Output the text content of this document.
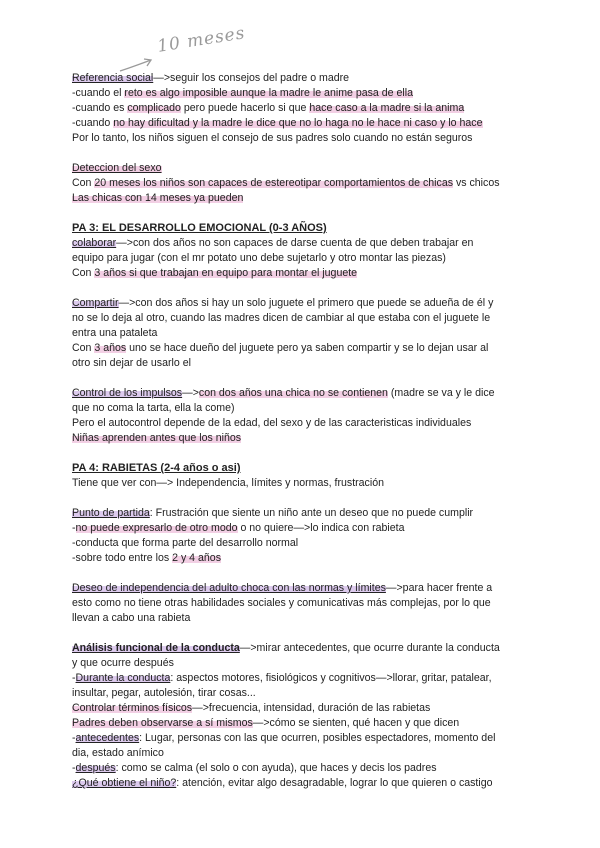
10 meses
Referencia social—>seguir los consejos del padre o madre
-cuando el reto es algo imposible aunque la madre le anime pasa de ella
-cuando es complicado pero puede hacerlo si que hace caso a la madre si la anima
-cuando no hay dificultad y la madre le dice que no lo haga no le hace ni caso y lo hace
Por lo tanto, los niños siguen el consejo de sus padres solo cuando no están seguros
Deteccion del sexo
Con 20 meses los niños son capaces de estereotipar comportamientos de chicas vs chicos
Las chicas con 14 meses ya pueden
PA 3: EL DESARROLLO EMOCIONAL (0-3 AÑOS)
colaborar—>con dos años no son capaces de darse cuenta de que deben trabajar en
equipo para jugar (con el mr potato uno debe sujetarlo y otro montar las piezas)
Con 3 años si que trabajan en equipo para montar el juguete
Compartir—>con dos años si hay un solo juguete el primero que puede se adueña de él y
no se lo deja al otro, cuando las madres dicen de cambiar al que estaba con el juguete le
entra una pataleta
Con 3 años uno se hace dueño del juguete pero ya saben compartir y se lo dejan usar al
otro sin dejar de usarlo el
Control de los impulsos—>con dos años una chica no se contienen (madre se va y le dice
que no coma la tarta, ella la come)
Pero el autocontrol depende de la edad, del sexo y de las caracteristicas individuales
Niñas aprenden antes que los niños
PA 4: RABIETAS (2-4 años o asi)
Tiene que ver con—> Independencia, límites y normas, frustración
Punto de partida: Frustración que siente un niño ante un deseo que no puede cumplir
-no puede expresarlo de otro modo o no quiere—>lo indica con rabieta
-conducta que forma parte del desarrollo normal
-sobre todo entre los 2 y 4 años
Deseo de independencia del adulto choca con las normas y límites—>para hacer frente a
esto como no tiene otras habilidades sociales y comunicativas más complejas, por lo que
llevan a cabo una rabieta
Análisis funcional de la conducta—>mirar antecedentes, que ocurre durante la conducta
y que ocurre después
-Durante la conducta: aspectos motores, fisiológicos y cognitivos—>llorar, gritar, patalear,
insultar, pegar, autolesión, tirar cosas...
Controlar términos físicos—>frecuencia, intensidad, duración de las rabietas
Padres deben observarse a sí mismos—>cómo se sienten, qué hacen y que dicen
-antecedentes: Lugar, personas con las que ocurren, posibles espectadores, momento del
dia, estado anímico
-después: como se calma (el solo o con ayuda), que haces y decis los padres
¿Qué obtiene el niño?: atención, evitar algo desagradable, lograr lo que quieren o castigo
